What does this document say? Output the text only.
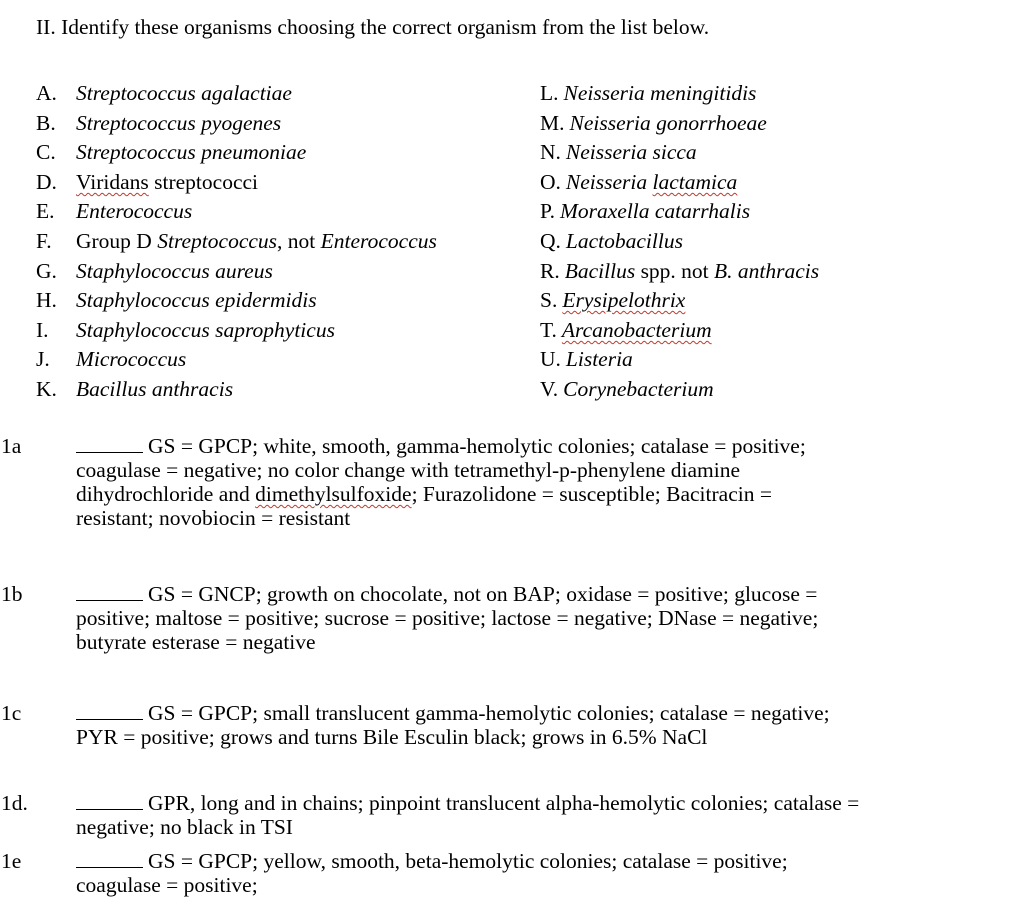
II. Identify these organisms choosing the correct organism from the list below.
A. Streptococcus agalactiae
B. Streptococcus pyogenes
C. Streptococcus pneumoniae
D. Viridans streptococci
E. Enterococcus
F. Group D Streptococcus, not Enterococcus
G. Staphylococcus aureus
H. Staphylococcus epidermidis
I. Staphylococcus saprophyticus
J. Micrococcus
K. Bacillus anthracis
L. Neisseria meningitidis
M. Neisseria gonorrhoeae
N. Neisseria sicca
O. Neisseria lactamica
P. Moraxella catarrhalis
Q. Lactobacillus
R. Bacillus spp. not B. anthracis
S. Erysipelothrix
T. Arcanobacterium
U. Listeria
V. Corynebacterium
1a	GS = GPCP; white, smooth, gamma-hemolytic colonies; catalase = positive;
coagulase = negative; no color change with tetramethyl-p-phenylene diamine
dihydrochloride and dimethylsulfoxide; Furazolidone = susceptible; Bacitracin =
resistant; novobiocin = resistant
1b	GS = GNCP; growth on chocolate, not on BAP; oxidase = positive; glucose =
positive; maltose = positive; sucrose = positive; lactose = negative; DNase = negative;
butyrate esterase = negative
1c	GS = GPCP; small translucent gamma-hemolytic colonies; catalase = negative;
PYR = positive; grows and turns Bile Esculin black; grows in 6.5% NaCl
1d.	GPR, long and in chains; pinpoint translucent alpha-hemolytic colonies; catalase =
negative; no black in TSI
1e	GS = GPCP; yellow, smooth, beta-hemolytic colonies; catalase = positive;
coagulase = positive;
